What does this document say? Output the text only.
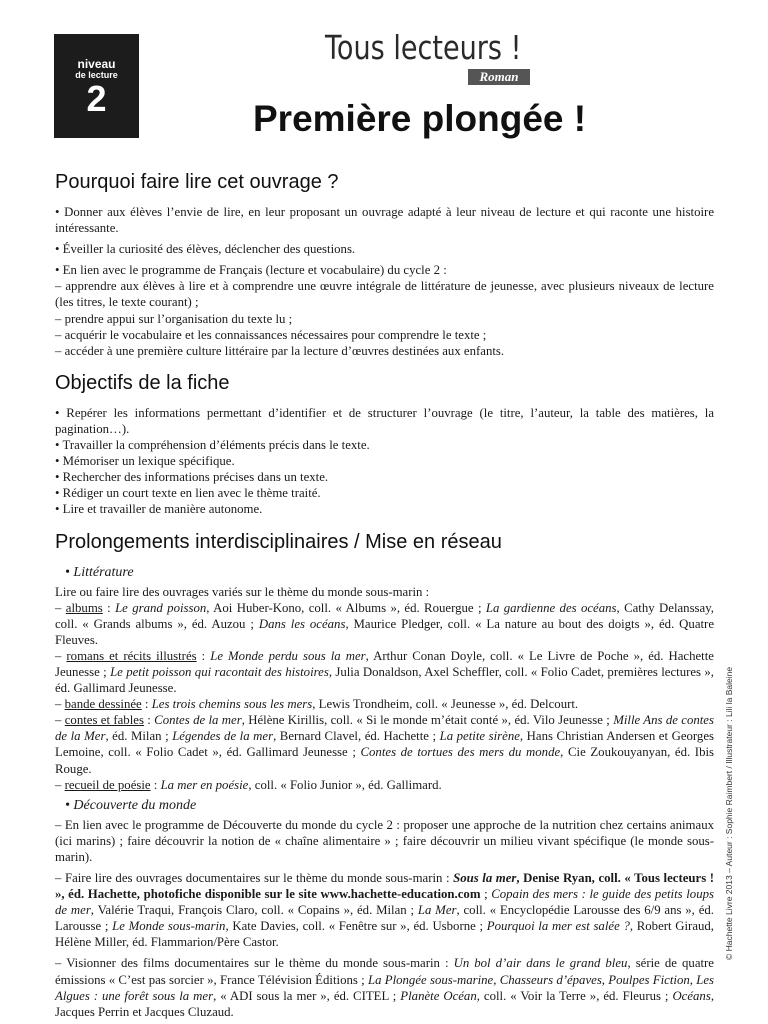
niveau
de lecture
2
Tous lecteurs !
Roman
Première plongée !
Pourquoi faire lire cet ouvrage ?

• Donner aux élèves l’envie de lire, en leur proposant un ouvrage adapté à leur niveau de lecture et qui raconte une histoire intéressante.

• Éveiller la curiosité des élèves, déclencher des questions.

• En lien avec le programme de Français (lecture et vocabulaire) du cycle 2 :

– apprendre aux élèves à lire et à comprendre une œuvre intégrale de littérature de jeunesse, avec plusieurs niveaux de lecture (les titres, le texte courant) ;

– prendre appui sur l’organisation du texte lu ;

– acquérir le vocabulaire et les connaissances nécessaires pour comprendre le texte ;

– accéder à une première culture littéraire par la lecture d’œuvres destinées aux enfants.

Objectifs de la fiche

• Repérer les informations permettant d’identifier et de structurer l’ouvrage (le titre, l’auteur, la table des matières, la pagination…).

• Travailler la compréhension d’éléments précis dans le texte.

• Mémoriser un lexique spécifique.

• Rechercher des informations précises dans un texte.

• Rédiger un court texte en lien avec le thème traité.

• Lire et travailler de manière autonome.

Prolongements interdisciplinaires / Mise en réseau
• Littérature

Lire ou faire lire des ouvrages variés sur le thème du monde sous-marin :

– albums : Le grand poisson, Aoi Huber-Kono, coll. « Albums », éd. Rouergue ; La gardienne des océans, Cathy Delanssay, coll. « Grands albums », éd. Auzou ; Dans les océans, Maurice Pledger, coll. « La nature au bout des doigts », éd. Quatre Fleuves.

– romans et récits illustrés : Le Monde perdu sous la mer, Arthur Conan Doyle, coll. « Le Livre de Poche », éd. Hachette Jeunesse ; Le petit poisson qui racontait des histoires, Julia Donaldson, Axel Scheffler, coll. « Folio Cadet, premières lectures », éd. Gallimard Jeunesse.

– bande dessinée : Les trois chemins sous les mers, Lewis Trondheim, coll. « Jeunesse », éd. Delcourt.

– contes et fables : Contes de la mer, Hélène Kirillis, coll. « Si le monde m’était conté », éd. Vilo Jeunesse ; Mille Ans de contes de la Mer, éd. Milan ; Légendes de la mer, Bernard Clavel, éd. Hachette ; La petite sirène, Hans Christian Andersen et Georges Lemoine, coll. « Folio Cadet », éd. Gallimard Jeunesse ; Contes de tortues des mers du monde, Cie Zoukouyanyan, éd. Ibis Rouge.

– recueil de poésie : La mer en poésie, coll. « Folio Junior », éd. Gallimard.

• Découverte du monde

– En lien avec le programme de Découverte du monde du cycle 2 : proposer une approche de la nutrition chez certains animaux (ici marins) ; faire découvrir la notion de « chaîne alimentaire » ; faire découvrir un milieu vivant spécifique (le monde sous-marin).

– Faire lire des ouvrages documentaires sur le thème du monde sous-marin : Sous la mer, Denise Ryan, coll. « Tous lecteurs ! », éd. Hachette, photofiche disponible sur le site www.hachette-education.com ; Copain des mers : le guide des petits loups de mer, Valérie Traqui, François Claro, coll. « Copains », éd. Milan ; La Mer, coll. « Encyclopédie Larousse des 6/9 ans », éd. Larousse ; Le Monde sous-marin, Kate Davies, coll. « Fenêtre sur », éd. Usborne ; Pourquoi la mer est salée ?, Robert Giraud, Hélène Miller, éd. Flammarion/Père Castor.

– Visionner des films documentaires sur le thème du monde sous-marin : Un bol d’air dans le grand bleu, série de quatre émissions « C’est pas sorcier », France Télévision Éditions ; La Plongée sous-marine, Chasseurs d’épaves, Poulpes Fiction, Les Algues : une forêt sous la mer, « ADI sous la mer », éd. CITEL ; Planète Océan, coll. « Voir la Terre », éd. Fleurus ; Océans, Jacques Perrin et Jacques Cluzaud.

© Hachette Livre 2013 – Auteur : Sophie Raimbert / Illustrateur : Lili la Baleine
